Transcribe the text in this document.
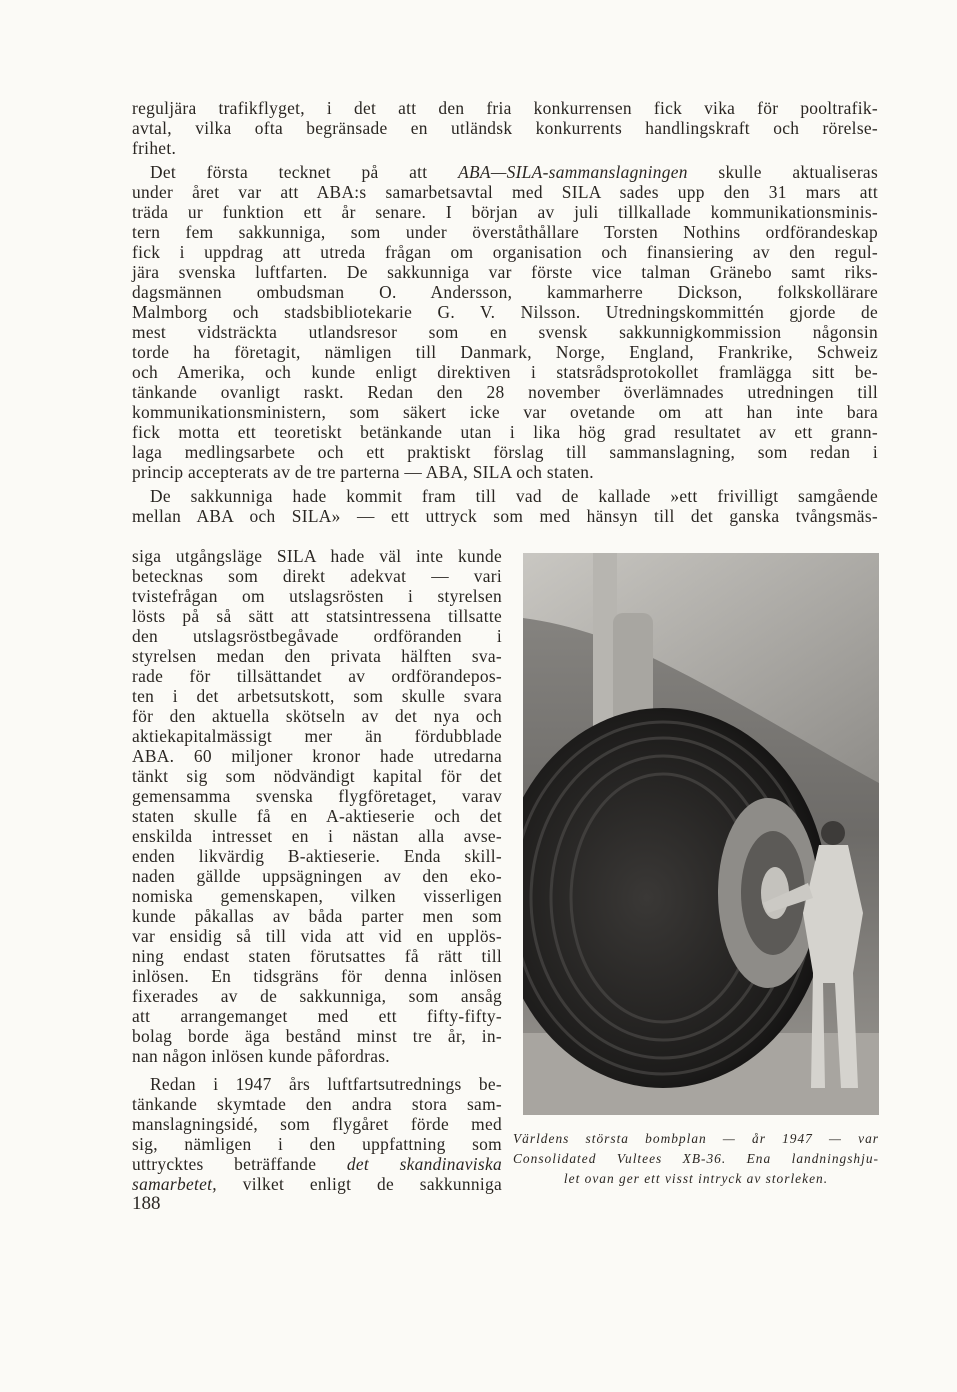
reguljära trafikflyget, i det att den fria konkurrensen fick vika för pooltrafik-
avtal, vilka ofta begränsade en utländsk konkurrents handlingskraft och rörelse-
frihet.
Det första tecknet på att ABA—SILA-sammanslagningen skulle aktualiseras
under året var att ABA:s samarbetsavtal med SILA sades upp den 31 mars att
träda ur funktion ett år senare. I början av juli tillkallade kommunikationsminis-
tern fem sakkunniga, som under överståthållare Torsten Nothins ordförandeskap
fick i uppdrag att utreda frågan om organisation och finansiering av den regul-
jära svenska luftfarten. De sakkunniga var förste vice talman Gränebo samt riks-
dagsmännen ombudsman O. Andersson, kammarherre Dickson, folkskollärare
Malmborg och stadsbibliotekarie G. V. Nilsson. Utredningskommittén gjorde de
mest vidsträckta utlandsresor som en svensk sakkunnigkommission någonsin
torde ha företagit, nämligen till Danmark, Norge, England, Frankrike, Schweiz
och Amerika, och kunde enligt direktiven i statsrådsprotokollet framlägga sitt be-
tänkande ovanligt raskt. Redan den 28 november överlämnades utredningen till
kommunikationsministern, som säkert icke var ovetande om att han inte bara
fick motta ett teoretiskt betänkande utan i lika hög grad resultatet av ett grann-
laga medlingsarbete och ett praktiskt förslag till sammanslagning, som redan i
princip accepterats av de tre parterna — ABA, SILA och staten.
De sakkunniga hade kommit fram till vad de kallade »ett frivilligt samgående
mellan ABA och SILA» — ett uttryck som med hänsyn till det ganska tvångsmäs-
siga utgångsläge SILA hade väl inte kunde
betecknas som direkt adekvat — vari
tvistefrågan om utslagsrösten i styrelsen
lösts på så sätt att statsintressena tillsatte
den utslagsröstbegåvade ordföranden i
styrelsen medan den privata hälften sva-
rade för tillsättandet av ordförandepos-
ten i det arbetsutskott, som skulle svara
för den aktuella skötseln av det nya och
aktiekapitalmässigt mer än fördubblade
ABA. 60 miljoner kronor hade utredarna
tänkt sig som nödvändigt kapital för det
gemensamma svenska flygföretaget, varav
staten skulle få en A-aktieserie och det
enskilda intresset en i nästan alla avse-
enden likvärdig B-aktieserie. Enda skill-
naden gällde uppsägningen av den eko-
nomiska gemenskapen, vilken visserligen
kunde påkallas av båda parter men som
var ensidig så till vida att vid en upplös-
ning endast staten förutsattes få rätt till
inlösen. En tidsgräns för denna inlösen
fixerades av de sakkunniga, som ansåg
att arrangemanget med ett fifty-fifty-
bolag borde äga bestånd minst tre år, in-
nan någon inlösen kunde påfordras.
Redan i 1947 års luftfartsutrednings be-
tänkande skymtade den andra stora sam-
manslagningsidé, som flygåret förde med
sig, nämligen i den uppfattning som
uttrycktes beträffande det skandinaviska
samarbetet, vilket enligt de sakkunniga
Världens största bombplan — år 1947 — var
Consolidated Vultees XB-36. Ena landningshju-
let ovan ger ett visst intryck av storleken.
188
